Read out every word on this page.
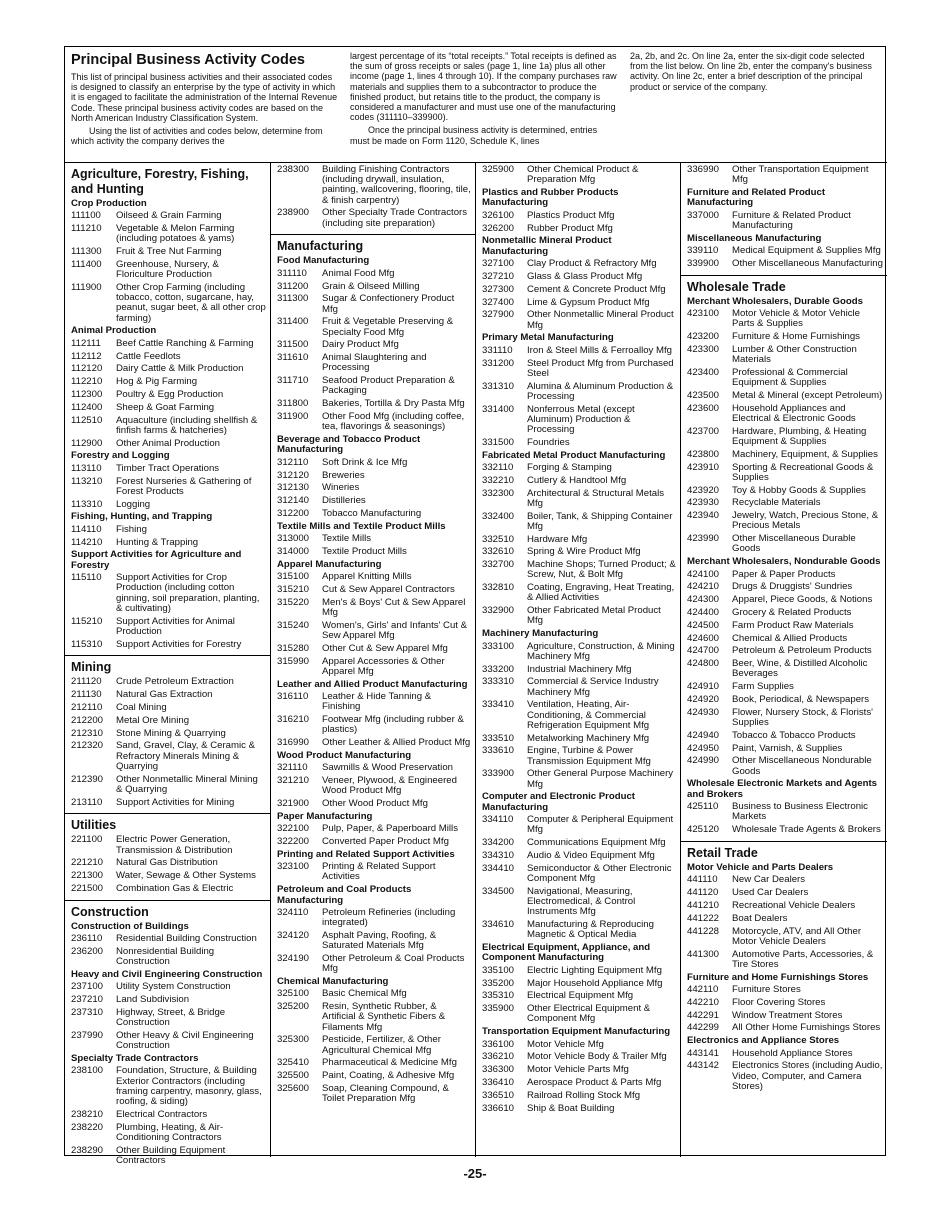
Principal Business Activity Codes

This list of principal business activities and their associated codes is designed to classify an enterprise by the type of activity in which it is engaged to facilitate the administration of the Internal Revenue Code. These principal business activity codes are based on the North American Industry Classification System.

Using the list of activities and codes below, determine from which activity the company derives the

largest percentage of its “total receipts.” Total receipts is defined as the sum of gross receipts or sales (page 1, line 1a) plus all other income (page 1, lines 4 through 10). If the company purchases raw materials and supplies them to a subcontractor to produce the finished product, but retains title to the product, the company is considered a manufacturer and must use one of the manufacturing codes (311110–339900).

Once the principal business activity is determined, entries must be made on Form 1120, Schedule K, lines

2a, 2b, and 2c. On line 2a, enter the six-digit code selected from the list below. On line 2b, enter the company's business activity. On line 2c, enter a brief description of the principal product or service of the company.

Agriculture, Forestry, Fishing, and Hunting
Crop Production
111100	Oilseed & Grain Farming
111210	Vegetable & Melon Farming (including potatoes & yams)
111300	Fruit & Tree Nut Farming
111400	Greenhouse, Nursery, & Floriculture Production
111900	Other Crop Farming (including tobacco, cotton, sugarcane, hay, peanut, sugar beet, & all other crop farming)
Animal Production
112111	Beef Cattle Ranching & Farming
112112	Cattle Feedlots
112120	Dairy Cattle & Milk Production
112210	Hog & Pig Farming
112300	Poultry & Egg Production
112400	Sheep & Goat Farming
112510	Aquaculture (including shellfish & finfish farms & hatcheries)
112900	Other Animal Production
Forestry and Logging
113110	Timber Tract Operations
113210	Forest Nurseries & Gathering of Forest Products
113310	Logging
Fishing, Hunting, and Trapping
114110	Fishing
114210	Hunting & Trapping
Support Activities for Agriculture and Forestry
115110	Support Activities for Crop Production (including cotton ginning, soil preparation, planting, & cultivating)
115210	Support Activities for Animal Production
115310	Support Activities for Forestry
Mining
211120	Crude Petroleum Extraction
211130	Natural Gas Extraction
212110	Coal Mining
212200	Metal Ore Mining
212310	Stone Mining & Quarrying
212320	Sand, Gravel, Clay, & Ceramic & Refractory Minerals Mining & Quarrying
212390	Other Nonmetallic Mineral Mining & Quarrying
213110	Support Activities for Mining
Utilities
221100	Electric Power Generation, Transmission & Distribution
221210	Natural Gas Distribution
221300	Water, Sewage & Other Systems
221500	Combination Gas & Electric
Construction
Construction of Buildings
236110	Residential Building Construction
236200	Nonresidential Building Construction
Heavy and Civil Engineering Construction
237100	Utility System Construction
237210	Land Subdivision
237310	Highway, Street, & Bridge Construction
237990	Other Heavy & Civil Engineering Construction
Specialty Trade Contractors
238100	Foundation, Structure, & Building Exterior Contractors (including framing carpentry, masonry, glass, roofing, & siding)
238210	Electrical Contractors
238220	Plumbing, Heating, & Air-Conditioning Contractors
238290	Other Building Equipment Contractors
238300	Building Finishing Contractors (including drywall, insulation, painting, wallcovering, flooring, tile, & finish carpentry)
238900	Other Specialty Trade Contractors (including site preparation)
Manufacturing
Food Manufacturing
311110	Animal Food Mfg
311200	Grain & Oilseed Milling
311300	Sugar & Confectionery Product Mfg
311400	Fruit & Vegetable Preserving & Specialty Food Mfg
311500	Dairy Product Mfg
311610	Animal Slaughtering and Processing
311710	Seafood Product Preparation & Packaging
311800	Bakeries, Tortilla & Dry Pasta Mfg
311900	Other Food Mfg (including coffee, tea, flavorings & seasonings)
Beverage and Tobacco Product Manufacturing
312110	Soft Drink & Ice Mfg
312120	Breweries
312130	Wineries
312140	Distilleries
312200	Tobacco Manufacturing
Textile Mills and Textile Product Mills
313000	Textile Mills
314000	Textile Product Mills
Apparel Manufacturing
315100	Apparel Knitting Mills
315210	Cut & Sew Apparel Contractors
315220	Men's & Boys' Cut & Sew Apparel Mfg
315240	Women's, Girls' and Infants' Cut & Sew Apparel Mfg
315280	Other Cut & Sew Apparel Mfg
315990	Apparel Accessories & Other Apparel Mfg
Leather and Allied Product Manufacturing
316110	Leather & Hide Tanning & Finishing
316210	Footwear Mfg (including rubber & plastics)
316990	Other Leather & Allied Product Mfg
Wood Product Manufacturing
321110	Sawmills & Wood Preservation
321210	Veneer, Plywood, & Engineered Wood Product Mfg
321900	Other Wood Product Mfg
Paper Manufacturing
322100	Pulp, Paper, & Paperboard Mills
322200	Converted Paper Product Mfg
Printing and Related Support Activities
323100	Printing & Related Support Activities
Petroleum and Coal Products Manufacturing
324110	Petroleum Refineries (including integrated)
324120	Asphalt Paving, Roofing, & Saturated Materials Mfg
324190	Other Petroleum & Coal Products Mfg
Chemical Manufacturing
325100	Basic Chemical Mfg
325200	Resin, Synthetic Rubber, & Artificial & Synthetic Fibers & Filaments Mfg
325300	Pesticide, Fertilizer, & Other Agricultural Chemical Mfg
325410	Pharmaceutical & Medicine Mfg
325500	Paint, Coating, & Adhesive Mfg
325600	Soap, Cleaning Compound, & Toilet Preparation Mfg
325900	Other Chemical Product & Preparation Mfg
Plastics and Rubber Products Manufacturing
326100	Plastics Product Mfg
326200	Rubber Product Mfg
Nonmetallic Mineral Product Manufacturing
327100	Clay Product & Refractory Mfg
327210	Glass & Glass Product Mfg
327300	Cement & Concrete Product Mfg
327400	Lime & Gypsum Product Mfg
327900	Other Nonmetallic Mineral Product Mfg
Primary Metal Manufacturing
331110	Iron & Steel Mills & Ferroalloy Mfg
331200	Steel Product Mfg from Purchased Steel
331310	Alumina & Aluminum Production & Processing
331400	Nonferrous Metal (except Aluminum) Production & Processing
331500	Foundries
Fabricated Metal Product Manufacturing
332110	Forging & Stamping
332210	Cutlery & Handtool Mfg
332300	Architectural & Structural Metals Mfg
332400	Boiler, Tank, & Shipping Container Mfg
332510	Hardware Mfg
332610	Spring & Wire Product Mfg
332700	Machine Shops; Turned Product; & Screw, Nut, & Bolt Mfg
332810	Coating, Engraving, Heat Treating, & Allied Activities
332900	Other Fabricated Metal Product Mfg
Machinery Manufacturing
333100	Agriculture, Construction, & Mining Machinery Mfg
333200	Industrial Machinery Mfg
333310	Commercial & Service Industry Machinery Mfg
333410	Ventilation, Heating, Air-Conditioning, & Commercial Refrigeration Equipment Mfg
333510	Metalworking Machinery Mfg
333610	Engine, Turbine & Power Transmission Equipment Mfg
333900	Other General Purpose Machinery Mfg
Computer and Electronic Product Manufacturing
334110	Computer & Peripheral Equipment Mfg
334200	Communications Equipment Mfg
334310	Audio & Video Equipment Mfg
334410	Semiconductor & Other Electronic Component Mfg
334500	Navigational, Measuring, Electromedical, & Control Instruments Mfg
334610	Manufacturing & Reproducing Magnetic & Optical Media
Electrical Equipment, Appliance, and Component Manufacturing
335100	Electric Lighting Equipment Mfg
335200	Major Household Appliance Mfg
335310	Electrical Equipment Mfg
335900	Other Electrical Equipment & Component Mfg
Transportation Equipment Manufacturing
336100	Motor Vehicle Mfg
336210	Motor Vehicle Body & Trailer Mfg
336300	Motor Vehicle Parts Mfg
336410	Aerospace Product & Parts Mfg
336510	Railroad Rolling Stock Mfg
336610	Ship & Boat Building
336990	Other Transportation Equipment Mfg
Furniture and Related Product Manufacturing
337000	Furniture & Related Product Manufacturing
Miscellaneous Manufacturing
339110	Medical Equipment & Supplies Mfg
339900	Other Miscellaneous Manufacturing
Wholesale Trade
Merchant Wholesalers, Durable Goods
423100	Motor Vehicle & Motor Vehicle Parts & Supplies
423200	Furniture & Home Furnishings
423300	Lumber & Other Construction Materials
423400	Professional & Commercial Equipment & Supplies
423500	Metal & Mineral (except Petroleum)
423600	Household Appliances and Electrical & Electronic Goods
423700	Hardware, Plumbing, & Heating Equipment & Supplies
423800	Machinery, Equipment, & Supplies
423910	Sporting & Recreational Goods & Supplies
423920	Toy & Hobby Goods & Supplies
423930	Recyclable Materials
423940	Jewelry, Watch, Precious Stone, & Precious Metals
423990	Other Miscellaneous Durable Goods
Merchant Wholesalers, Nondurable Goods
424100	Paper & Paper Products
424210	Drugs & Druggists' Sundries
424300	Apparel, Piece Goods, & Notions
424400	Grocery & Related Products
424500	Farm Product Raw Materials
424600	Chemical & Allied Products
424700	Petroleum & Petroleum Products
424800	Beer, Wine, & Distilled Alcoholic Beverages
424910	Farm Supplies
424920	Book, Periodical, & Newspapers
424930	Flower, Nursery Stock, & Florists' Supplies
424940	Tobacco & Tobacco Products
424950	Paint, Varnish, & Supplies
424990	Other Miscellaneous Nondurable Goods
Wholesale Electronic Markets and Agents and Brokers
425110	Business to Business Electronic Markets
425120	Wholesale Trade Agents & Brokers
Retail Trade
Motor Vehicle and Parts Dealers
441110	New Car Dealers
441120	Used Car Dealers
441210	Recreational Vehicle Dealers
441222	Boat Dealers
441228	Motorcycle, ATV, and All Other Motor Vehicle Dealers
441300	Automotive Parts, Accessories, & Tire Stores
Furniture and Home Furnishings Stores
442110	Furniture Stores
442210	Floor Covering Stores
442291	Window Treatment Stores
442299	All Other Home Furnishings Stores
Electronics and Appliance Stores
443141	Household Appliance Stores
443142	Electronics Stores (including Audio, Video, Computer, and Camera Stores)
-25-
